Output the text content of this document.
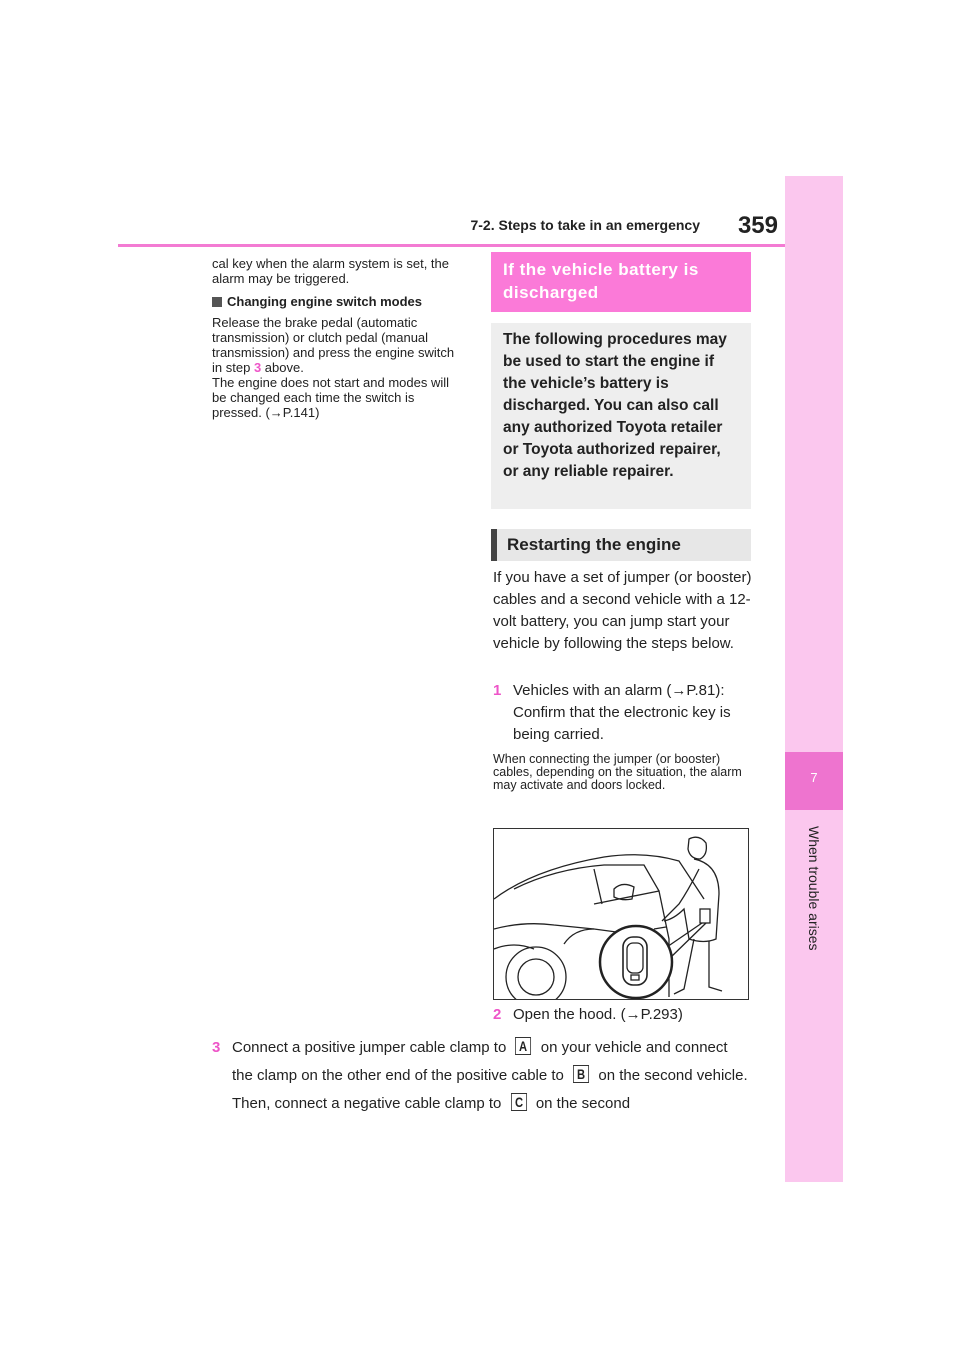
7-2. Steps to take in an emergency	359
7
When trouble arises

cal key when the alarm system is set, the alarm may be triggered.

Changing engine switch modes

Release the brake pedal (automatic transmission) or clutch pedal (manual transmission) and press the engine switch in step 3 above.
The engine does not start and modes will be changed each time the switch is pressed. (→P.141)

If the vehicle battery is discharged
The following procedures may be used to start the engine if the vehicle’s battery is discharged. You can also call any authorized Toyota retailer or Toyota authorized repairer, or any reliable repairer.
Restarting the engine
If you have a set of jumper (or booster) cables and a second vehicle with a 12-volt battery, you can jump start your vehicle by following the steps below.
1 Vehicles with an alarm (→P.81): Confirm that the electronic key is being carried.
When connecting the jumper (or booster) cables, depending on the situation, the alarm may activate and doors locked.
2 Open the hood. (→P.293)
3 Connect a positive jumper cable clamp to A on your vehicle and connect the clamp on the other end of the positive cable to B on the second vehicle. Then, connect a negative cable clamp to C on the second
